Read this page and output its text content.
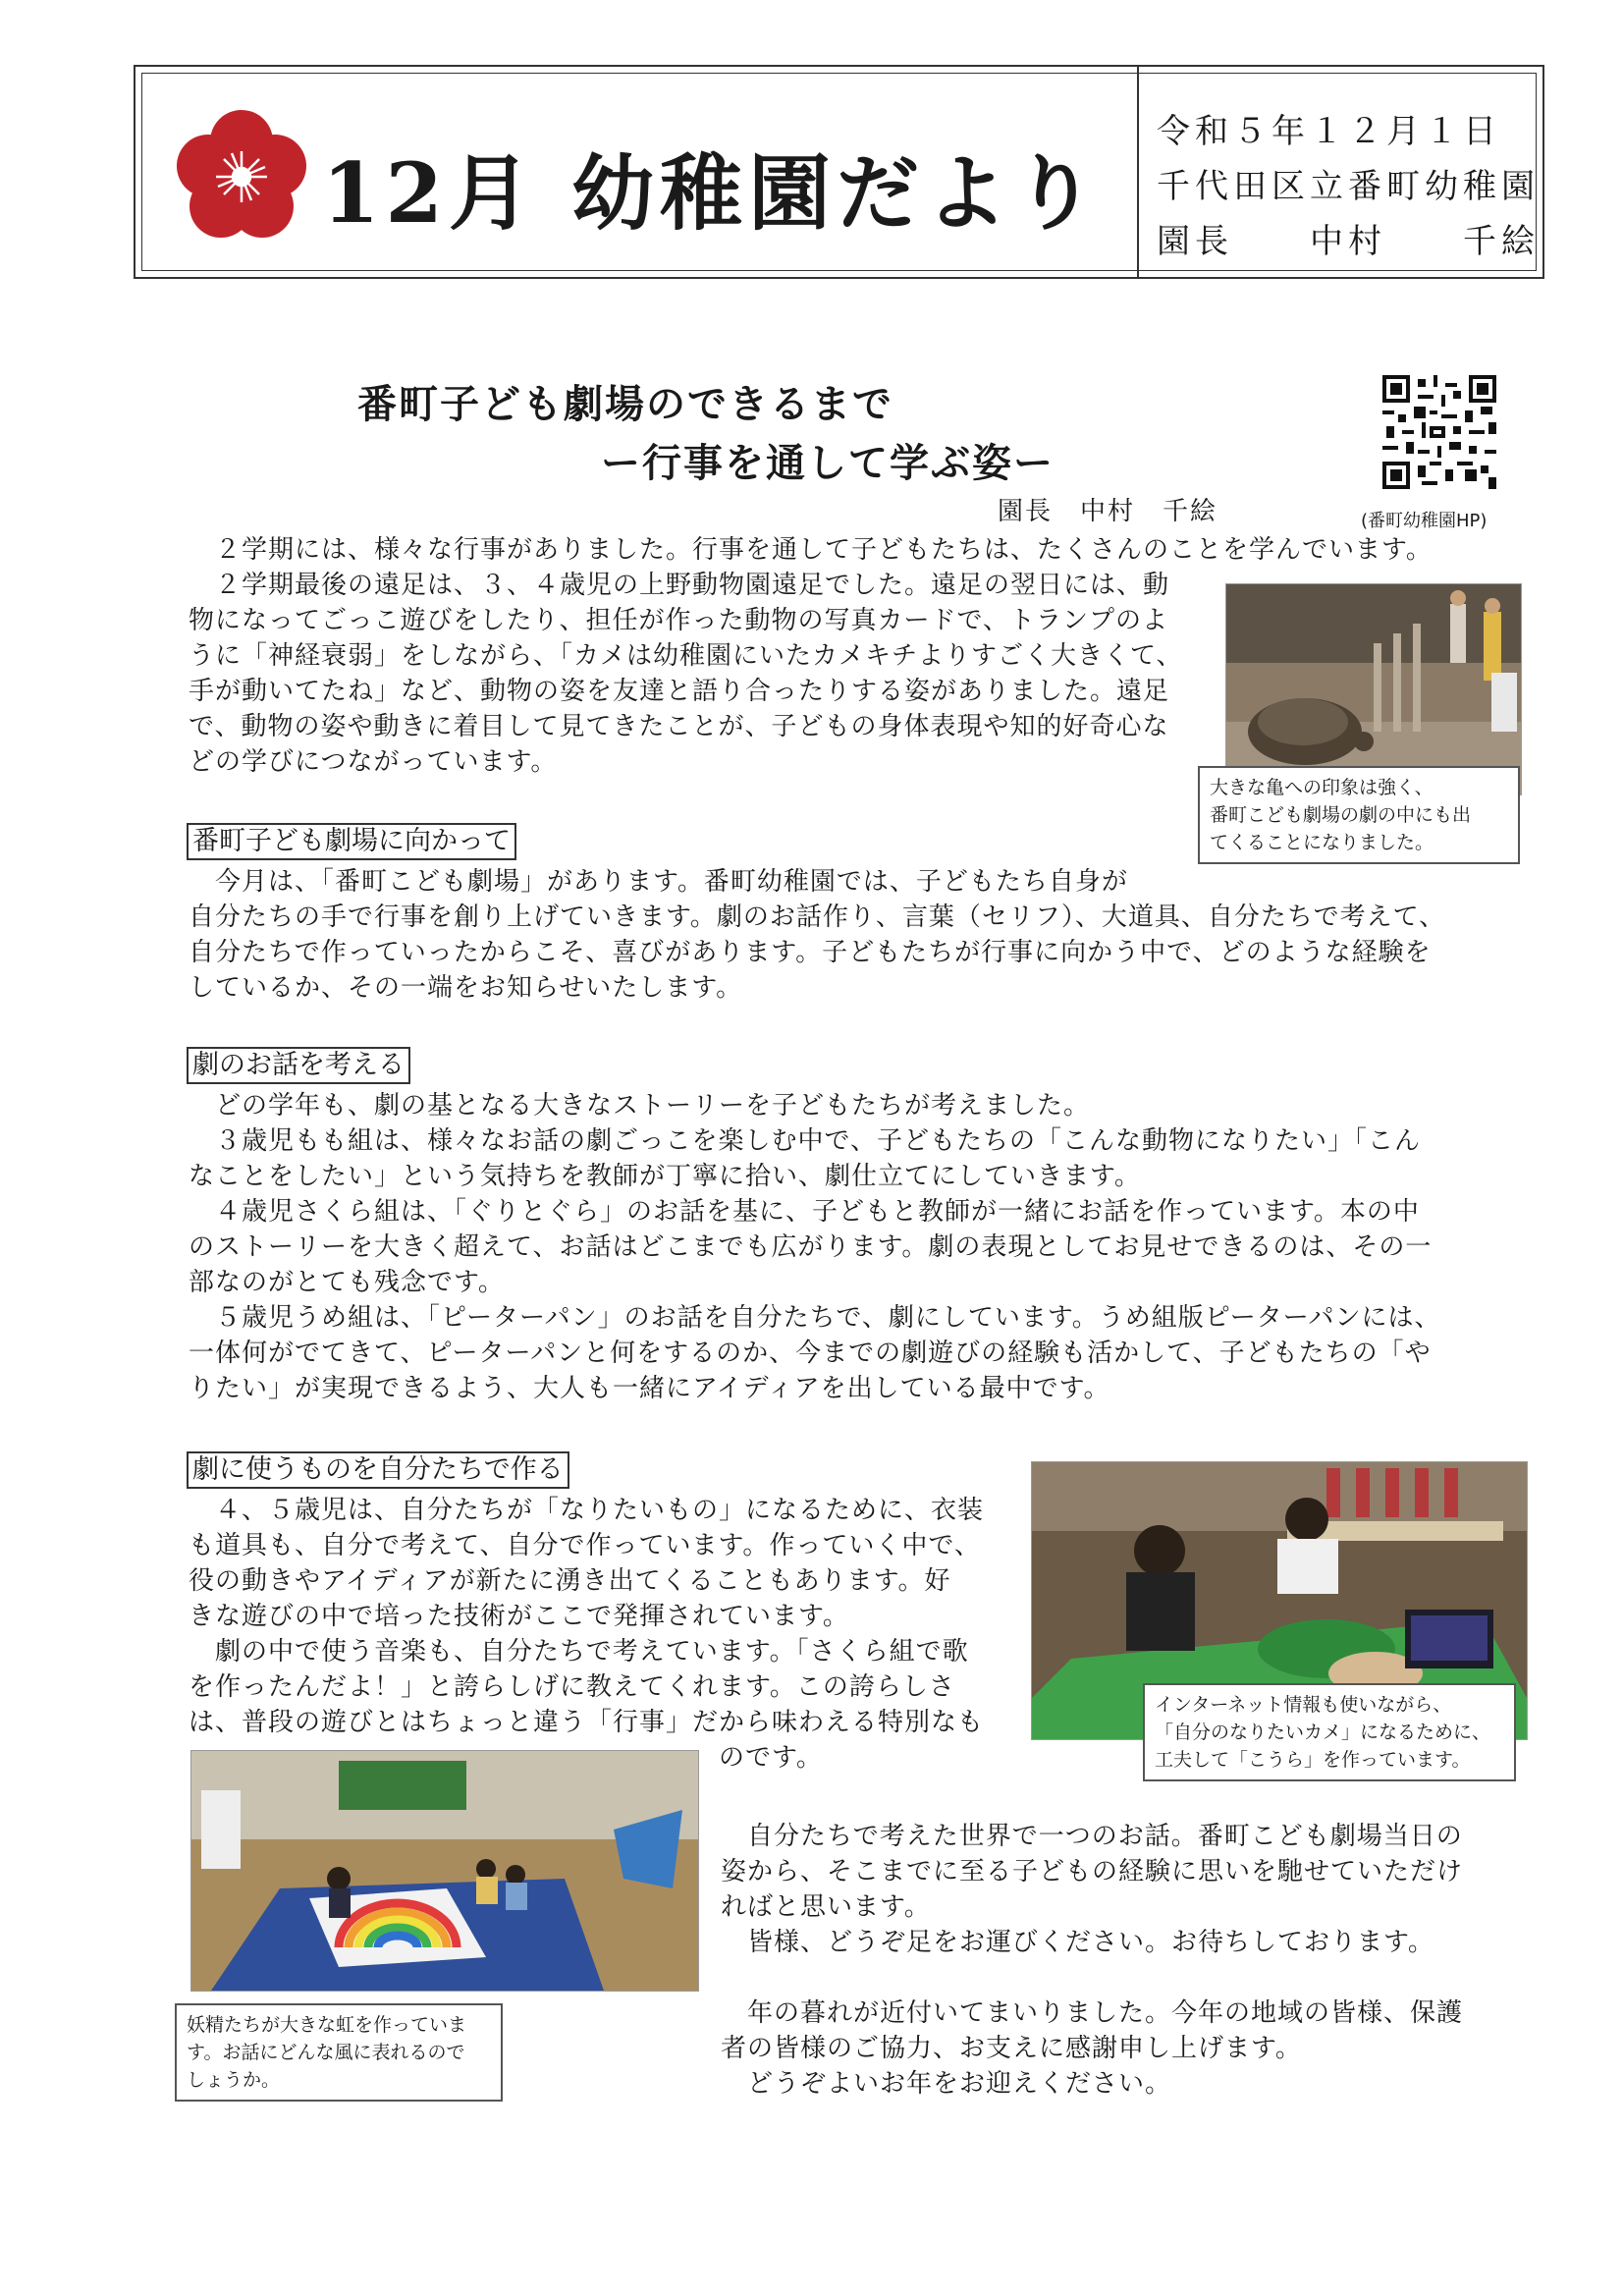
12月 幼稚園だより
令和５年１２月１日
千代田区立番町幼稚園
園長　　中村　　千絵
番町子ども劇場のできるまで
ー行事を通して学ぶ姿ー
園長　中村　千絵	(番町幼稚園HP)
　２学期には、様々な行事がありました。行事を通して子どもたちは、たくさんのことを学んでいます。
　２学期最後の遠足は、３、４歳児の上野動物園遠足でした。遠足の翌日には、動
物になってごっこ遊びをしたり、担任が作った動物の写真カードで、トランプのよ
うに「神経衰弱」をしながら、「カメは幼稚園にいたカメキチよりすごく大きくて、
手が動いてたね」など、動物の姿を友達と語り合ったりする姿がありました。遠足
で、動物の姿や動きに着目して見てきたことが、子どもの身体表現や知的好奇心な
どの学びにつながっています。
大きな亀への印象は強く、
番町こども劇場の劇の中にも出
てくることになりました。
番町子ども劇場に向かって
　今月は、「番町こども劇場」があります。番町幼稚園では、子どもたち自身が
自分たちの手で行事を創り上げていきます。劇のお話作り、言葉（セリフ）、大道具、自分たちで考えて、
自分たちで作っていったからこそ、喜びがあります。子どもたちが行事に向かう中で、どのような経験を
しているか、その一端をお知らせいたします。
劇のお話を考える
　どの学年も、劇の基となる大きなストーリーを子どもたちが考えました。
　３歳児もも組は、様々なお話の劇ごっこを楽しむ中で、子どもたちの「こんな動物になりたい」「こん
なことをしたい」という気持ちを教師が丁寧に拾い、劇仕立てにしていきます。
　４歳児さくら組は、「ぐりとぐら」のお話を基に、子どもと教師が一緒にお話を作っています。本の中
のストーリーを大きく超えて、お話はどこまでも広がります。劇の表現としてお見せできるのは、その一
部なのがとても残念です。
　５歳児うめ組は、「ピーターパン」のお話を自分たちで、劇にしています。うめ組版ピーターパンには、
一体何がでてきて、ピーターパンと何をするのか、今までの劇遊びの経験も活かして、子どもたちの「や
りたい」が実現できるよう、大人も一緒にアイディアを出している最中です。
劇に使うものを自分たちで作る
　４、５歳児は、自分たちが「なりたいもの」になるために、衣装
も道具も、自分で考えて、自分で作っています。作っていく中で、
役の動きやアイディアが新たに湧き出てくることもあります。好
きな遊びの中で培った技術がここで発揮されています。
　劇の中で使う音楽も、自分たちで考えています。「さくら組で歌
を作ったんだよ！」と誇らしげに教えてくれます。この誇らしさ
は、普段の遊びとはちょっと違う「行事」だから味わえる特別なも
のです。
インターネット情報も使いながら、
「自分のなりたいカメ」になるために、
工夫して「こうら」を作っています。
妖精たちが大きな虹を作っていま
す。お話にどんな風に表れるので
しょうか。
　自分たちで考えた世界で一つのお話。番町こども劇場当日の
姿から、そこまでに至る子どもの経験に思いを馳せていただけ
ればと思います。
　皆様、どうぞ足をお運びください。お待ちしております。
　年の暮れが近付いてまいりました。今年の地域の皆様、保護
者の皆様のご協力、お支えに感謝申し上げます。
　どうぞよいお年をお迎えください。
